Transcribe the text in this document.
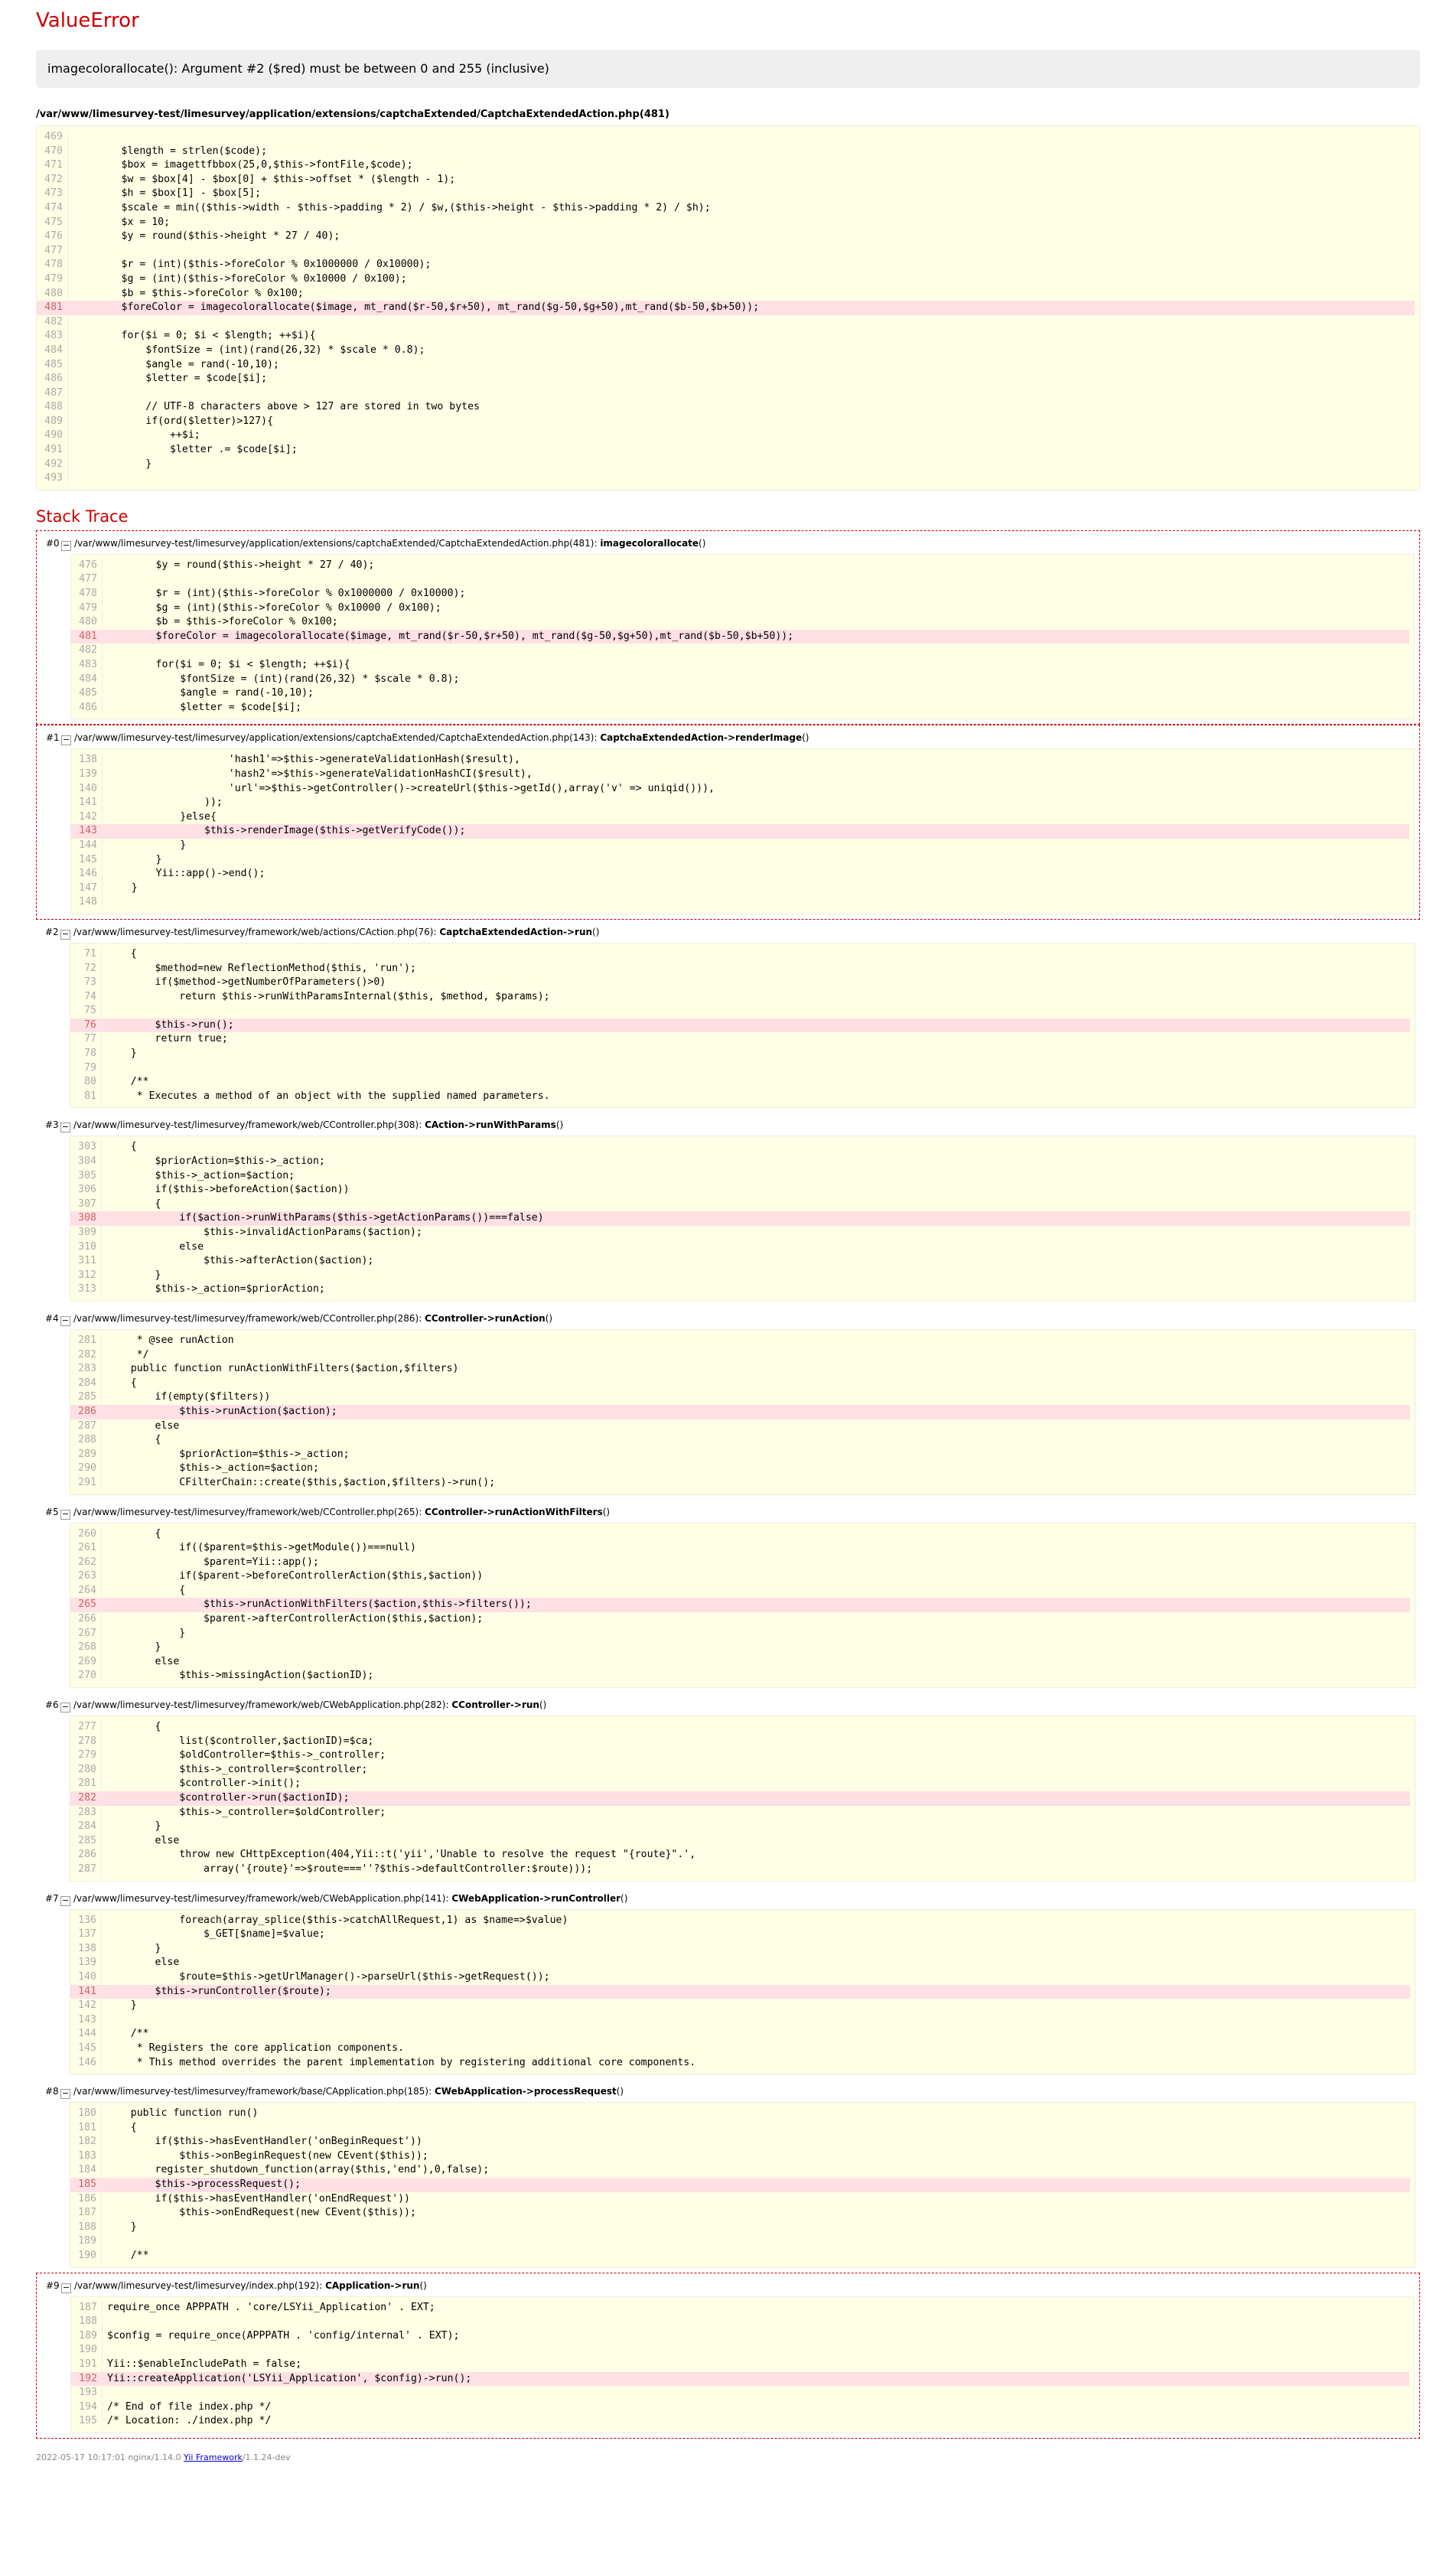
ValueError
imagecolorallocate(): Argument #2 ($red) must be between 0 and 255 (inclusive)
/var/www/limesurvey-test/limesurvey/application/extensions/captchaExtended/CaptchaExtendedAction.php(481)
469
470        $length = strlen($code);
471        $box = imagettfbbox(25,0,$this->fontFile,$code);
472        $w = $box[4] - $box[0] + $this->offset * ($length - 1);
473        $h = $box[1] - $box[5];
474        $scale = min(($this->width - $this->padding * 2) / $w,($this->height - $this->padding * 2) / $h);
475        $x = 10;
476        $y = round($this->height * 27 / 40);
477
478        $r = (int)($this->foreColor % 0x1000000 / 0x10000);
479        $g = (int)($this->foreColor % 0x10000 / 0x100);
480        $b = $this->foreColor % 0x100;
481        $foreColor = imagecolorallocate($image, mt_rand($r-50,$r+50), mt_rand($g-50,$g+50),mt_rand($b-50,$b+50));
482
483        for($i = 0; $i < $length; ++$i){
484            $fontSize = (int)(rand(26,32) * $scale * 0.8);
485            $angle = rand(-10,10);
486            $letter = $code[$i];
487
488            // UTF-8 characters above > 127 are stored in two bytes
489            if(ord($letter)>127){
490                ++$i;
491                $letter .= $code[$i];
492            }
493
Stack Trace
#0 − /var/www/limesurvey-test/limesurvey/application/extensions/captchaExtended/CaptchaExtendedAction.php(481): imagecolorallocate()
476        $y = round($this->height * 27 / 40);
477
478        $r = (int)($this->foreColor % 0x1000000 / 0x10000);
479        $g = (int)($this->foreColor % 0x10000 / 0x100);
480        $b = $this->foreColor % 0x100;
481        $foreColor = imagecolorallocate($image, mt_rand($r-50,$r+50), mt_rand($g-50,$g+50),mt_rand($b-50,$b+50));
482
483        for($i = 0; $i < $length; ++$i){
484            $fontSize = (int)(rand(26,32) * $scale * 0.8);
485            $angle = rand(-10,10);
486            $letter = $code[$i];
#1 − /var/www/limesurvey-test/limesurvey/application/extensions/captchaExtended/CaptchaExtendedAction.php(143): CaptchaExtendedAction->renderImage()
138                    'hash1'=>$this->generateValidationHash($result),
139                    'hash2'=>$this->generateValidationHashCI($result),
140                    'url'=>$this->getController()->createUrl($this->getId(),array('v' => uniqid())),
141                ));
142            }else{
143                $this->renderImage($this->getVerifyCode());
144            }
145        }
146        Yii::app()->end();
147    }
148
#2 − /var/www/limesurvey-test/limesurvey/framework/web/actions/CAction.php(76): CaptchaExtendedAction->run()
71    {
72        $method=new ReflectionMethod($this, 'run');
73        if($method->getNumberOfParameters()>0)
74            return $this->runWithParamsInternal($this, $method, $params);
75
76        $this->run();
77        return true;
78    }
79
80    /**
81     * Executes a method of an object with the supplied named parameters.
#3 − /var/www/limesurvey-test/limesurvey/framework/web/CController.php(308): CAction->runWithParams()
303    {
304        $priorAction=$this->_action;
305        $this->_action=$action;
306        if($this->beforeAction($action))
307        {
308            if($action->runWithParams($this->getActionParams())===false)
309                $this->invalidActionParams($action);
310            else
311                $this->afterAction($action);
312        }
313        $this->_action=$priorAction;
#4 − /var/www/limesurvey-test/limesurvey/framework/web/CController.php(286): CController->runAction()
281     * @see runAction
282     */
283    public function runActionWithFilters($action,$filters)
284    {
285        if(empty($filters))
286            $this->runAction($action);
287        else
288        {
289            $priorAction=$this->_action;
290            $this->_action=$action;
291            CFilterChain::create($this,$action,$filters)->run();
#5 − /var/www/limesurvey-test/limesurvey/framework/web/CController.php(265): CController->runActionWithFilters()
260        {
261            if(($parent=$this->getModule())===null)
262                $parent=Yii::app();
263            if($parent->beforeControllerAction($this,$action))
264            {
265                $this->runActionWithFilters($action,$this->filters());
266                $parent->afterControllerAction($this,$action);
267            }
268        }
269        else
270            $this->missingAction($actionID);
#6 − /var/www/limesurvey-test/limesurvey/framework/web/CWebApplication.php(282): CController->run()
277        {
278            list($controller,$actionID)=$ca;
279            $oldController=$this->_controller;
280            $this->_controller=$controller;
281            $controller->init();
282            $controller->run($actionID);
283            $this->_controller=$oldController;
284        }
285        else
286            throw new CHttpException(404,Yii::t('yii','Unable to resolve the request "{route}".',
287                array('{route}'=>$route===''?$this->defaultController:$route)));
#7 − /var/www/limesurvey-test/limesurvey/framework/web/CWebApplication.php(141): CWebApplication->runController()
136            foreach(array_splice($this->catchAllRequest,1) as $name=>$value)
137                $_GET[$name]=$value;
138        }
139        else
140            $route=$this->getUrlManager()->parseUrl($this->getRequest());
141        $this->runController($route);
142    }
143
144    /**
145     * Registers the core application components.
146     * This method overrides the parent implementation by registering additional core components.
#8 − /var/www/limesurvey-test/limesurvey/framework/base/CApplication.php(185): CWebApplication->processRequest()
180    public function run()
181    {
182        if($this->hasEventHandler('onBeginRequest'))
183            $this->onBeginRequest(new CEvent($this));
184        register_shutdown_function(array($this,'end'),0,false);
185        $this->processRequest();
186        if($this->hasEventHandler('onEndRequest'))
187            $this->onEndRequest(new CEvent($this));
188    }
189
190    /**
#9 − /var/www/limesurvey-test/limesurvey/index.php(192): CApplication->run()
187 require_once APPPATH . 'core/LSYii_Application' . EXT;
188
189 $config = require_once(APPPATH . 'config/internal' . EXT);
190
191 Yii::$enableIncludePath = false;
192 Yii::createApplication('LSYii_Application', $config)->run();
193
194 /* End of file index.php */
195 /* Location: ./index.php */
2022-05-17 10:17:01 nginx/1.14.0 Yii Framework/1.1.24-dev
